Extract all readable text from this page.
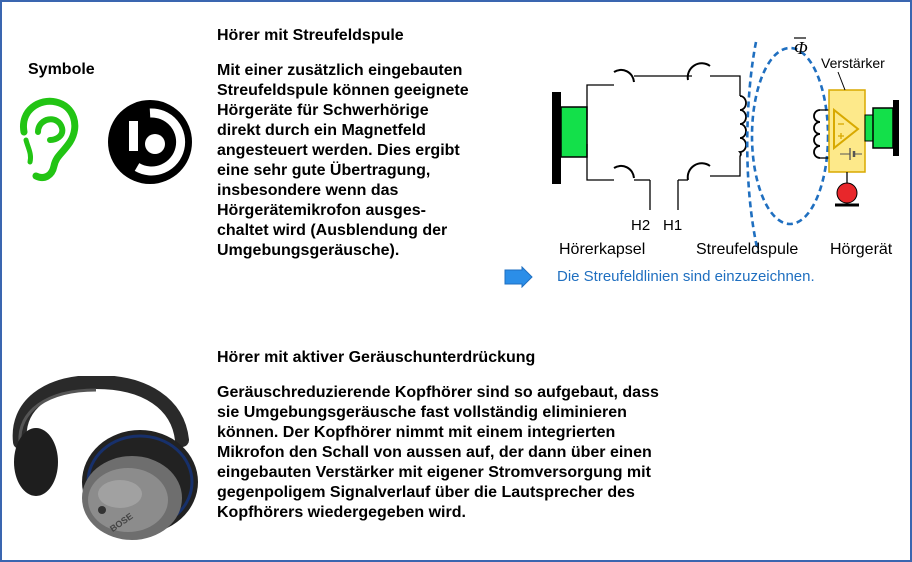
Symbole
Hörer mit Streufeldspule
Mit einer zusätzlich eingebauten
Streufeldspule können geeignete
Hörgeräte für Schwerhörige
direkt durch ein Magnetfeld
angesteuert werden. Dies ergibt
eine sehr gute Übertragung,
insbesondere wenn das
Hörgerätemikrofon ausges-
chaltet wird (Ausblendung der
Umgebungsgeräusche).
Φ
Verstärker
H2 H1
Hörerkapsel	Streufeldspule Hörgerät
Die Streufeldlinien sind einzuzeichnen.
Hörer mit aktiver Geräuschunterdrückung
Geräuschreduzierende Kopfhörer sind so aufgebaut, dass
sie Umgebungsgeräusche fast vollständig eliminieren
können. Der Kopfhörer nimmt mit einem integrierten
Mikrofon den Schall von aussen auf, der dann über einen
eingebauten Verstärker mit eigener Stromversorgung mit
gegenpoligem Signalverlauf über die Lautsprecher des
Kopfhörers wiedergegeben wird.
BOSE
